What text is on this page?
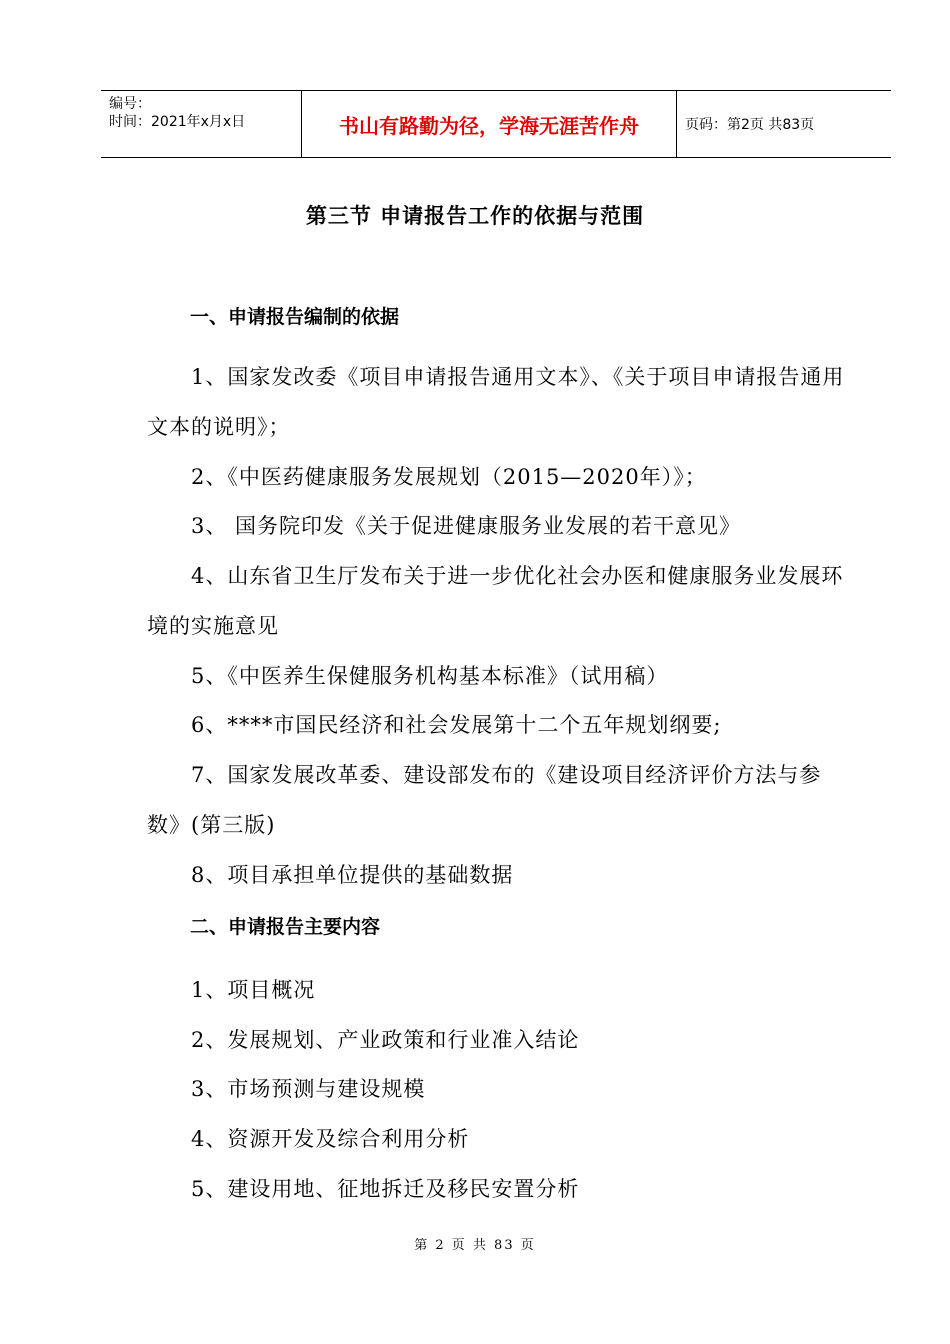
编号：
时间：2021年x月x日	书山有路勤为径，学海无涯苦作舟	页码：第2页 共83页
第三节 申请报告工作的依据与范围
一、申请报告编制的依据
1、国家发改委《项目申请报告通用文本》、《关于项目申请报告通用文本的说明》；
2、《中医药健康服务发展规划（2015—2020年）》；
3、 国务院印发《关于促进健康服务业发展的若干意见》
4、山东省卫生厅发布关于进一步优化社会办医和健康服务业发展环境的实施意见
5、《中医养生保健服务机构基本标准》（试用稿）
6、****市国民经济和社会发展第十二个五年规划纲要;
7、国家发展改革委、建设部发布的《建设项目经济评价方法与参数》(第三版)
8、项目承担单位提供的基础数据
二、申请报告主要内容
1、项目概况
2、发展规划、产业政策和行业准入结论
3、市场预测与建设规模
4、资源开发及综合利用分析
5、建设用地、征地拆迁及移民安置分析
第 2 页 共 83 页
